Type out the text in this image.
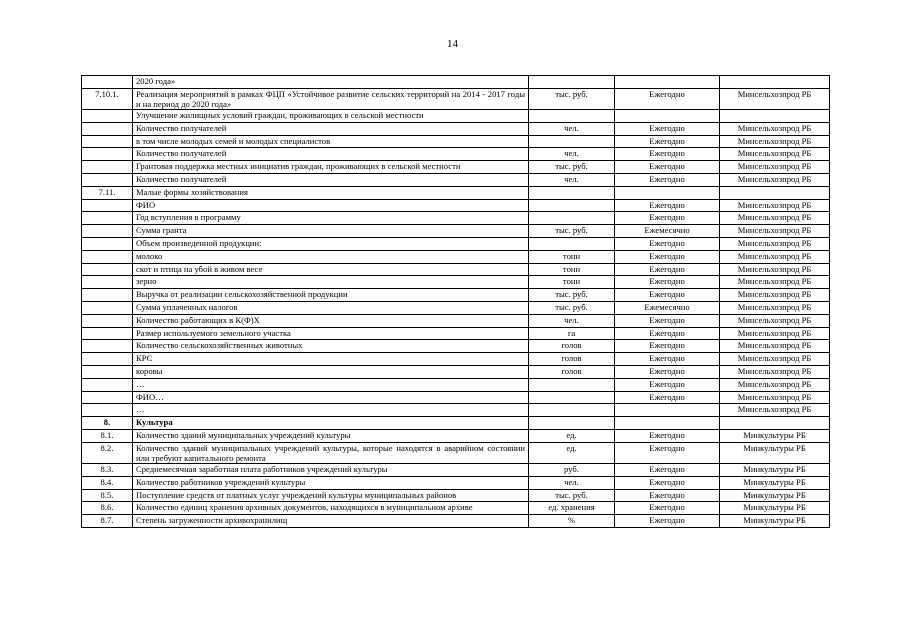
14
	2020 года»			
7.10.1.	Реализация мероприятий в рамках ФЦП «Устойчивое развитие сельских территорий на 2014 - 2017 годы и на период до 2020 года»	тыс. руб.	Ежегодно	Минсельхозпрод РБ
	Улучшение жилищных условий граждан, проживающих в сельской местности			
	Количество получателей	чел.	Ежегодно	Минсельхозпрод РБ
	в том числе молодых семей и молодых специалистов		Ежегодно	Минсельхозпрод РБ
	Количество получателей	чел.	Ежегодно	Минсельхозпрод РБ
	Грантовая поддержка местных инициатив граждан, проживающих в сельской местности	тыс. руб.	Ежегодно	Минсельхозпрод РБ
	Количество получателей	чел.	Ежегодно	Минсельхозпрод РБ
7.11.	Малые формы хозяйствования			
	ФИО		Ежегодно	Минсельхозпрод РБ
	Год вступления в программу		Ежегодно	Минсельхозпрод РБ
	Сумма гранта	тыс. руб.	Ежемесячно	Минсельхозпрод РБ
	Объем произведенной продукции:		Ежегодно	Минсельхозпрод РБ
	молоко	тонн	Ежегодно	Минсельхозпрод РБ
	скот и птица на убой в живом весе	тонн	Ежегодно	Минсельхозпрод РБ
	зерно	тонн	Ежегодно	Минсельхозпрод РБ
	Выручка от реализации сельскохозяйственной продукции	тыс. руб.	Ежегодно	Минсельхозпрод РБ
	Сумма уплаченных налогов	тыс. руб.	Ежемесячно	Минсельхозпрод РБ
	Количество работающих в К(Ф)Х	чел.	Ежегодно	Минсельхозпрод РБ
	Размер используемого земельного участка	га	Ежегодно	Минсельхозпрод РБ
	Количество сельскохозяйственных животных	голов	Ежегодно	Минсельхозпрод РБ
	КРС	голов	Ежегодно	Минсельхозпрод РБ
	коровы	голов	Ежегодно	Минсельхозпрод РБ
	…		Ежегодно	Минсельхозпрод РБ
	ФИО…		Ежегодно	Минсельхозпрод РБ
	…			Минсельхозпрод РБ
8.	Культура			
8.1.	Количество зданий муниципальных учреждений культуры	ед.	Ежегодно	Минкультуры РБ
8.2.	Количество зданий муниципальных учреждений культуры, которые находятся в аварийном состоянии или требуют капитального ремонта	ед.	Ежегодно	Минкультуры РБ
8.3.	Среднемесячная заработная плата работников учреждений культуры	руб.	Ежегодно	Минкультуры РБ
8.4.	Количество работников учреждений культуры	чел.	Ежегодно	Минкультуры РБ
8.5.	Поступление средств от платных услуг учреждений культуры муниципальных районов	тыс. руб.	Ежегодно	Минкультуры РБ
8.6.	Количество единиц хранения архивных документов, находящихся в муниципальном архиве	ед. хранения	Ежегодно	Минкультуры РБ
8.7.	Степень загруженности архивохранилищ	%	Ежегодно	Минкультуры РБ
